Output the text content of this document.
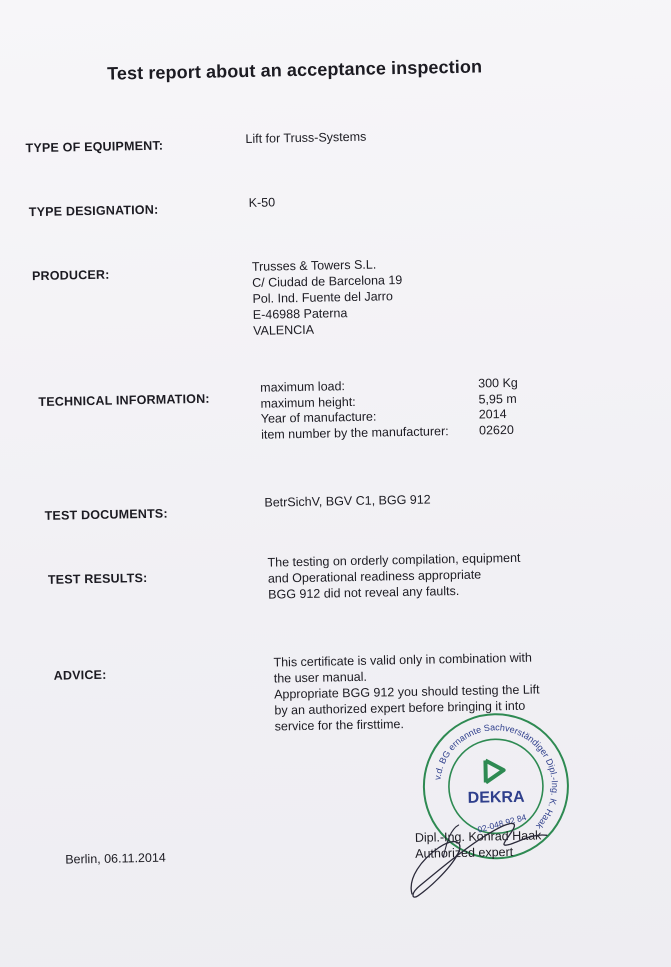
Test report about an acceptance inspection
TYPE OF EQUIPMENT:
Lift for Truss-Systems
TYPE DESIGNATION:	K-50
PRODUCER:
Trusses & Towers S.L.
C/ Ciudad de Barcelona 19
Pol. Ind. Fuente del Jarro
E-46988 Paterna
VALENCIA
TECHNICAL INFORMATION:
maximum load:	300 Kg
maximum height:	5,95 m
Year of manufacture:	2014
item number by the manufacturer: 02620
TEST DOCUMENTS:
BetrSichV, BGV C1, BGG 912
TEST RESULTS:
The testing on orderly compilation, equipment
and Operational readiness appropriate
BGG 912 did not reveal any faults.
ADVICE:
This certificate is valid only in combination with
the user manual.
Appropriate BGG 912 you should testing the Lift
by an authorized expert before bringing it into
service for the firsttime.
Berlin, 06.11.2014
v.d. BG ernannte Sachverständiger Dipl.-Ing. K. Haak
DEKRA
02-048 92 84
Dipl.-Ing. Konrad Haak
Authorized expert
